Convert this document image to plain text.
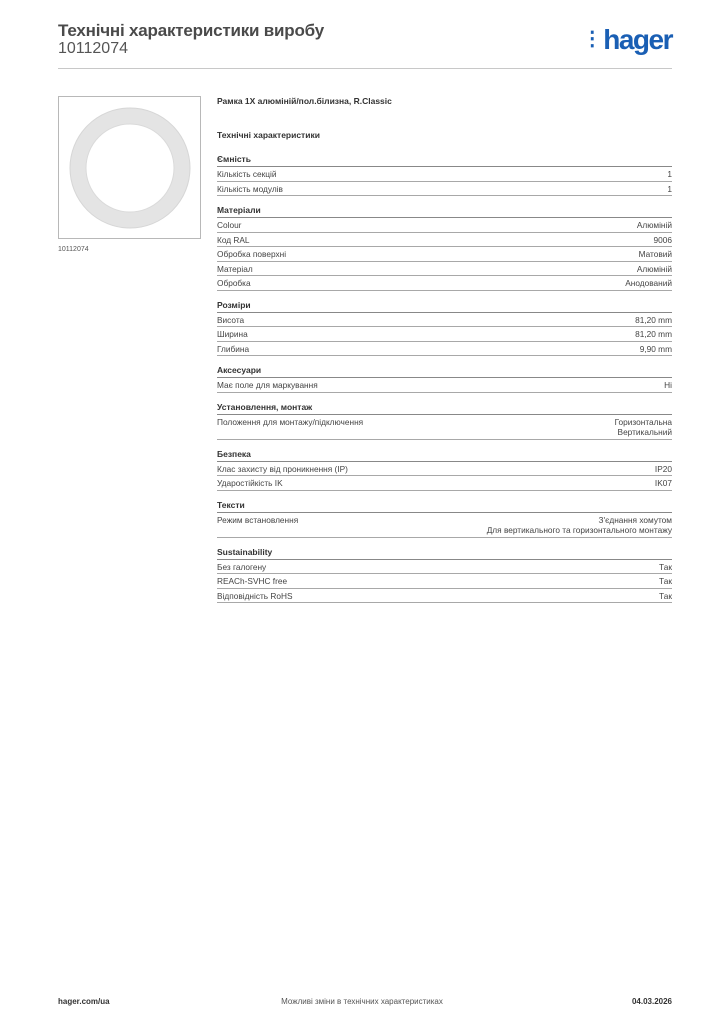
Технічні характеристики виробу
10112074	⋮hager
10112074
Рамка 1Х алюміній/пол.білизна, R.Classic
Технічні характеристики
Ємність
Кількість секцій	1
Кількість модулів	1
Матеріали
Colour	Алюміній
Код RAL	9006
Обробка поверхні	Матовий
Матеріал	Алюміній
Обробка	Анодований
Розміри
Висота	81,20 mm
Ширина	81,20 mm
Глибина	9,90 mm
Аксесуари
Має поле для маркування	Ні
Установлення, монтаж
Положення для монтажу/підключення	Горизонтальна
Вертикальний
Безпека
Клас захисту від проникнення (IP)	IP20
Ударостійкість IK	IK07
Тексти
Режим встановлення	З'єднання хомутом
Для вертикального та горизонтального монтажу
Sustainability
Без галогену	Так
REACh-SVHC free	Так
Відповідність RoHS	Так
hager.com/ua	Можливі зміни в технічних характеристиках	04.03.2026
